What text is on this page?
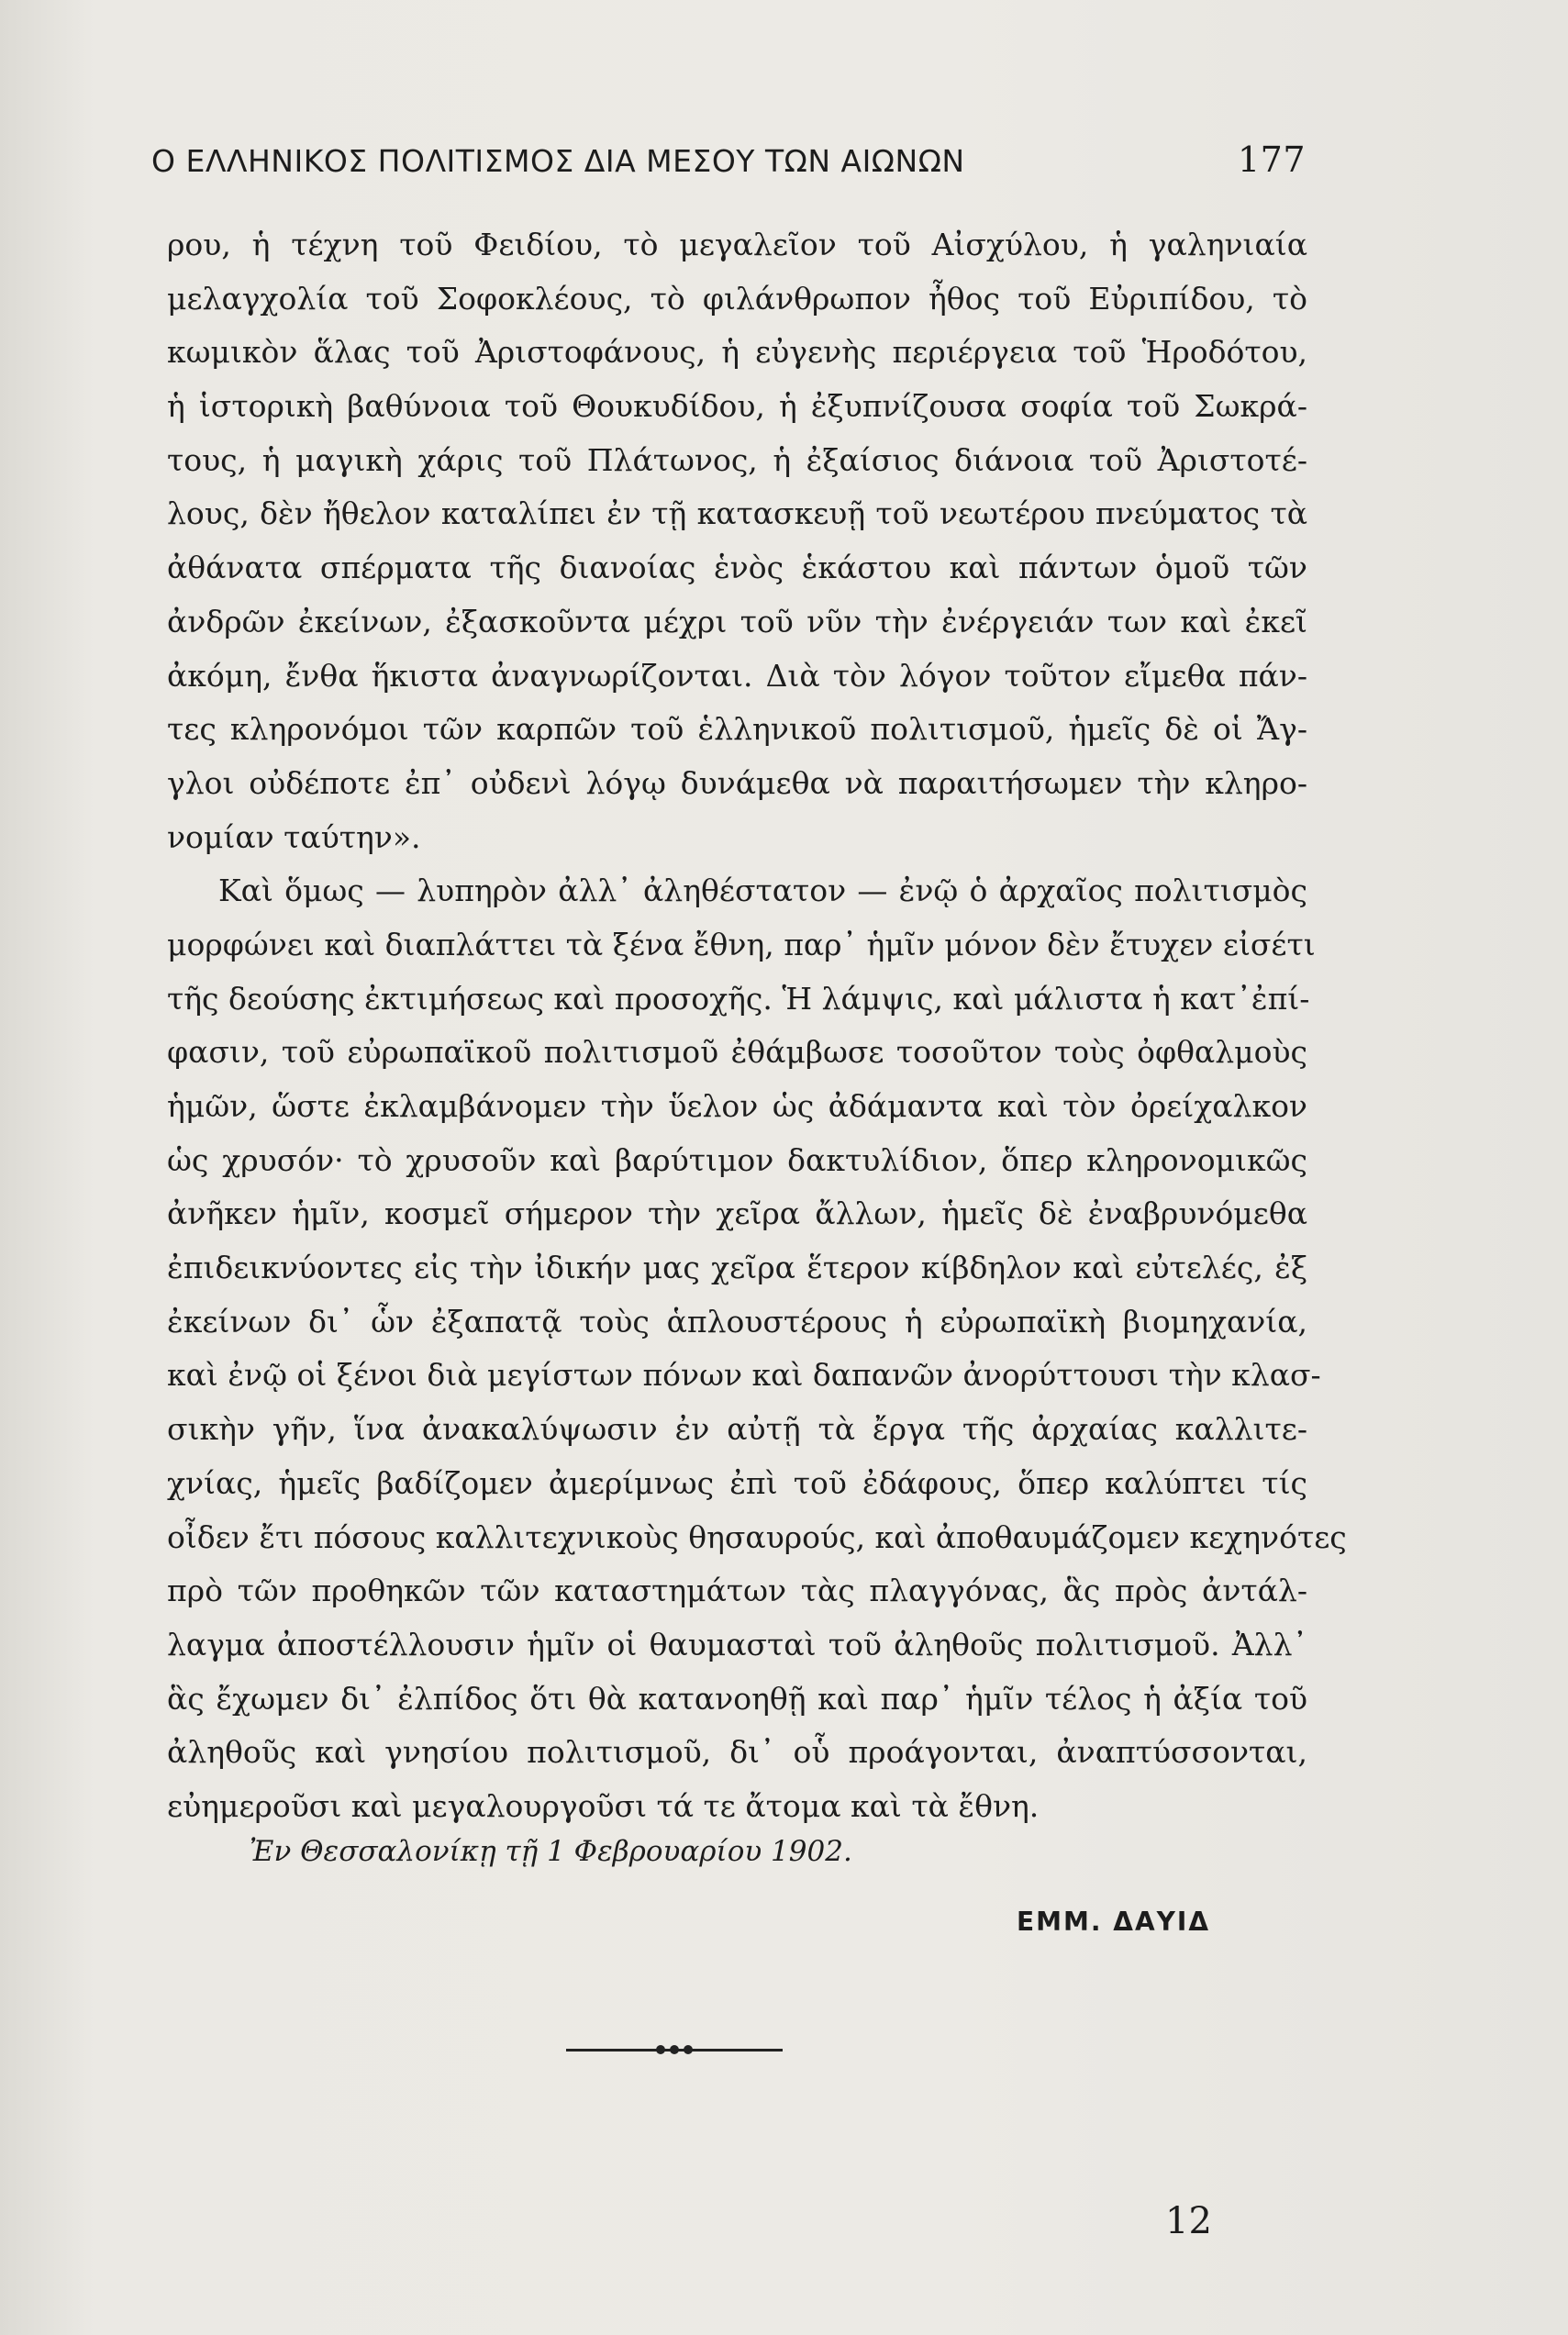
Ο ΕΛΛΗΝΙΚΟΣ ΠΟΛΙΤΙΣΜΟΣ ΔΙΑ ΜΕΣΟΥ ΤΩΝ ΑΙΩΝΩΝ	177
ρου, ἡ τέχνη τοῦ Φειδίου, τὸ μεγαλεῖον τοῦ Αἰσχύλου, ἡ γαληνιαία
μελαγχολία τοῦ Σοφοκλέους, τὸ φιλάνθρωπον ἦθος τοῦ Εὐριπίδου, τὸ
κωμικὸν ἅλας τοῦ Ἀριστοφάνους, ἡ εὐγενὴς περιέργεια τοῦ Ἡροδότου,
ἡ ἱστορικὴ βαθύνοια τοῦ Θουκυδίδου, ἡ ἐξυπνίζουσα σοφία τοῦ Σωκρά-
τους, ἡ μαγικὴ χάρις τοῦ Πλάτωνος, ἡ ἐξαίσιος διάνοια τοῦ Ἀριστοτέ-
λους, δὲν ἤθελον καταλίπει ἐν τῇ κατασκευῇ τοῦ νεωτέρου πνεύματος τὰ
ἀθάνατα σπέρματα τῆς διανοίας ἑνὸς ἑκάστου καὶ πάντων ὁμοῦ τῶν
ἀνδρῶν ἐκείνων, ἐξασκοῦντα μέχρι τοῦ νῦν τὴν ἐνέργειάν των καὶ ἐκεῖ
ἀκόμη, ἔνθα ἥκιστα ἀναγνωρίζονται. Διὰ τὸν λόγον τοῦτον εἴμεθα πάν-
τες κληρονόμοι τῶν καρπῶν τοῦ ἑλληνικοῦ πολιτισμοῦ, ἡμεῖς δὲ οἱ Ἄγ-
γλοι οὐδέποτε ἐπ᾽ οὐδενὶ λόγῳ δυνάμεθα νὰ παραιτήσωμεν τὴν κληρο-
νομίαν ταύτην».
Καὶ ὅμως — λυπηρὸν ἀλλ᾽ ἀληθέστατον — ἐνῷ ὁ ἀρχαῖος πολιτισμὸς
μορφώνει καὶ διαπλάττει τὰ ξένα ἔθνη, παρ᾽ ἡμῖν μόνον δὲν ἔτυχεν εἰσέτι
τῆς δεούσης ἐκτιμήσεως καὶ προσοχῆς. Ἡ λάμψις, καὶ μάλιστα ἡ κατ᾽ἐπί-
φασιν, τοῦ εὐρωπαϊκοῦ πολιτισμοῦ ἐθάμβωσε τοσοῦτον τοὺς ὀφθαλμοὺς
ἡμῶν, ὥστε ἐκλαμβάνομεν τὴν ὕελον ὡς ἀδάμαντα καὶ τὸν ὀρείχαλκον
ὡς χρυσόν· τὸ χρυσοῦν καὶ βαρύτιμον δακτυλίδιον, ὅπερ κληρονομικῶς
ἀνῆκεν ἡμῖν, κοσμεῖ σήμερον τὴν χεῖρα ἄλλων, ἡμεῖς δὲ ἐναβρυνόμεθα
ἐπιδεικνύοντες εἰς τὴν ἰδικήν μας χεῖρα ἕτερον κίβδηλον καὶ εὐτελές, ἐξ
ἐκείνων δι᾽ ὧν ἐξαπατᾷ τοὺς ἁπλουστέρους ἡ εὐρωπαϊκὴ βιομηχανία,
καὶ ἐνῷ οἱ ξένοι διὰ μεγίστων πόνων καὶ δαπανῶν ἀνορύττουσι τὴν κλασ-
σικὴν γῆν, ἵνα ἀνακαλύψωσιν ἐν αὐτῇ τὰ ἔργα τῆς ἀρχαίας καλλιτε-
χνίας, ἡμεῖς βαδίζομεν ἀμερίμνως ἐπὶ τοῦ ἐδάφους, ὅπερ καλύπτει τίς
οἶδεν ἔτι πόσους καλλιτεχνικοὺς θησαυρούς, καὶ ἀποθαυμάζομεν κεχηνότες
πρὸ τῶν προθηκῶν τῶν καταστημάτων τὰς πλαγγόνας, ἃς πρὸς ἀντάλ-
λαγμα ἀποστέλλουσιν ἡμῖν οἱ θαυμασταὶ τοῦ ἀληθοῦς πολιτισμοῦ. Ἀλλ᾽
ἃς ἔχωμεν δι᾽ ἐλπίδος ὅτι θὰ κατανοηθῇ καὶ παρ᾽ ἡμῖν τέλος ἡ ἀξία τοῦ
ἀληθοῦς καὶ γνησίου πολιτισμοῦ, δι᾽ οὗ προάγονται, ἀναπτύσσονται,
εὐημεροῦσι καὶ μεγαλουργοῦσι τά τε ἄτομα καὶ τὰ ἔθνη.
Ἐν Θεσσαλονίκῃ τῇ 1 Φεβρουαρίου 1902.
ΕΜΜ. ΔΑΥΙΔ
12
